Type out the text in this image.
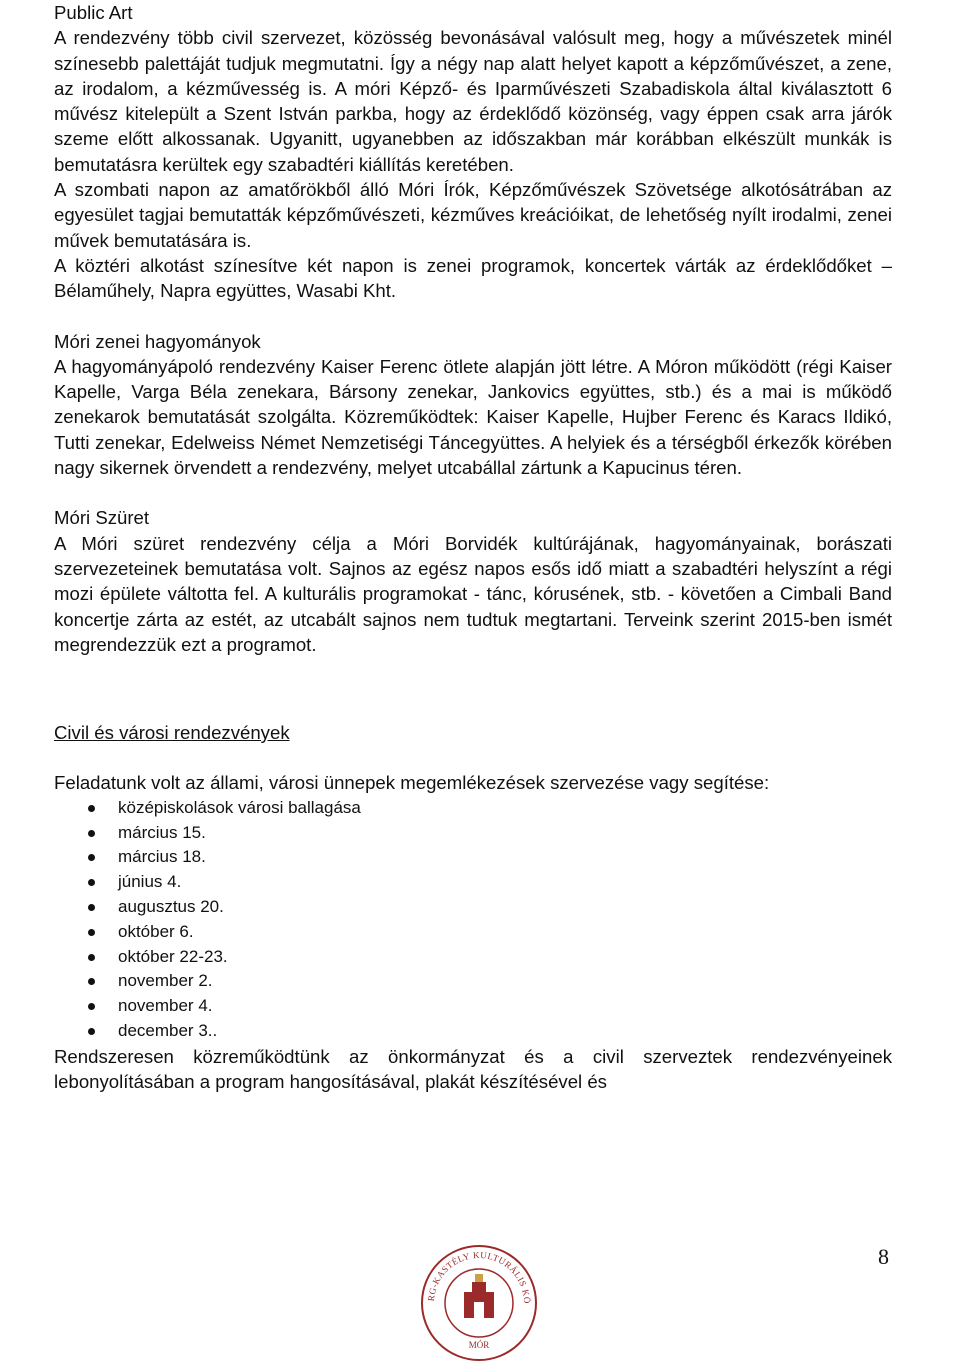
Public Art

A rendezvény több civil szervezet, közösség bevonásával valósult meg, hogy a művészetek minél színesebb palettáját tudjuk megmutatni. Így a négy nap alatt helyet kapott a képzőművészet, a zene, az irodalom, a kézművesség is. A móri Képző- és Iparművészeti Szabadiskola által kiválasztott 6 művész kitelepült a Szent István parkba, hogy az érdeklődő közönség, vagy éppen csak arra járók szeme előtt alkossanak. Ugyanitt, ugyanebben az időszakban már korábban elkészült munkák is bemutatásra kerültek egy szabadtéri kiállítás keretében.

A szombati napon az amatőrökből álló Móri Írók, Képzőművészek Szövetsége alkotósátrában az egyesület tagjai bemutatták képzőművészeti, kézműves kreációikat, de lehetőség nyílt irodalmi, zenei művek bemutatására is.

A köztéri alkotást színesítve két napon is zenei programok, koncertek várták az érdeklődőket – Bélaműhely, Napra együttes, Wasabi Kht.

Móri zenei hagyományok

A hagyományápoló rendezvény Kaiser Ferenc ötlete alapján jött létre. A Móron működött (régi Kaiser Kapelle, Varga Béla zenekara, Bársony zenekar, Jankovics együttes, stb.) és a mai is működő zenekarok bemutatását szolgálta. Közreműködtek: Kaiser Kapelle, Hujber Ferenc és Karacs Ildikó, Tutti zenekar, Edelweiss Német Nemzetiségi Táncegyüttes. A helyiek és a térségből érkezők körében nagy sikernek örvendett a rendezvény, melyet utcabállal zártunk a Kapucinus téren.

Móri Szüret

A Móri szüret rendezvény célja a Móri Borvidék kultúrájának, hagyományainak, borászati szervezeteinek bemutatása volt. Sajnos az egész napos esős idő miatt a szabadtéri helyszínt a régi mozi épülete váltotta fel. A kulturális programokat - tánc, kórusének, stb. - követően a Cimbali Band koncertje zárta az estét, az utcabált sajnos nem tudtuk megtartani. Terveink szerint 2015-ben ismét megrendezzük ezt a programot.

Civil és városi rendezvények

Feladatunk volt az állami, városi ünnepek megemlékezések szervezése vagy segítése:

középiskolások városi ballagása
március 15.
március 18.
június 4.
augusztus 20.
október 6.
október 22-23.
november 2.
november 4.
december 3..

Rendszeresen közreműködtünk az önkormányzat és a civil szerveztek rendezvényeinek lebonyolításában a program hangosításával, plakát készítésével és

RG-KASTÉLY KULTURÁLIS KÖ
MÓR
8
